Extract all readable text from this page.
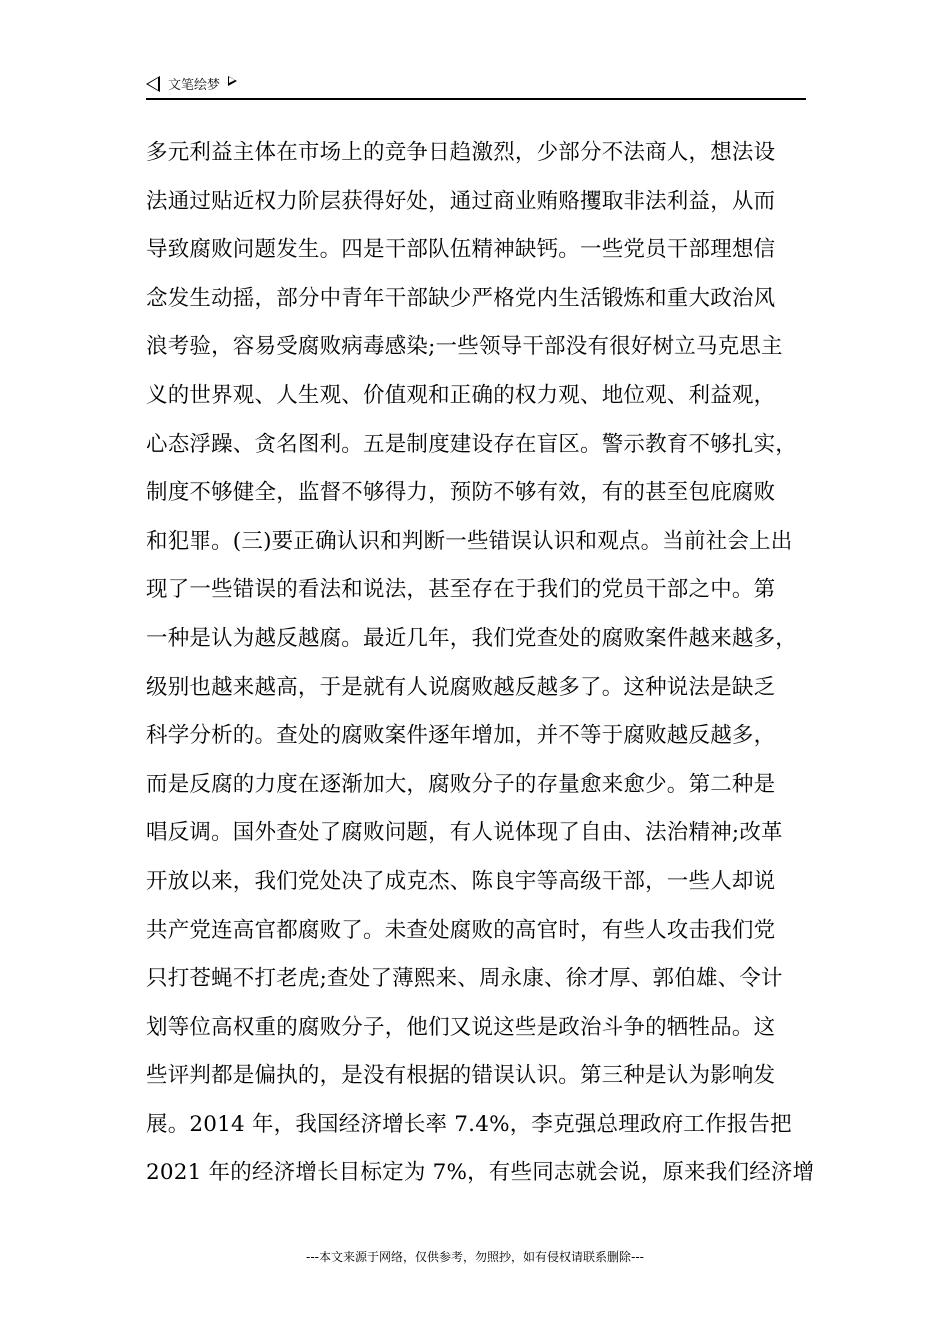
文笔绘梦
多元利益主体在市场上的竞争日趋激烈，少部分不法商人，想法设
法通过贴近权力阶层获得好处，通过商业贿赂攫取非法利益，从而
导致腐败问题发生。四是干部队伍精神缺钙。一些党员干部理想信
念发生动摇，部分中青年干部缺少严格党内生活锻炼和重大政治风
浪考验，容易受腐败病毒感染;一些领导干部没有很好树立马克思主
义的世界观、人生观、价值观和正确的权力观、地位观、利益观，
心态浮躁、贪名图利。五是制度建设存在盲区。警示教育不够扎实，
制度不够健全，监督不够得力，预防不够有效，有的甚至包庇腐败
和犯罪。(三)要正确认识和判断一些错误认识和观点。当前社会上出
现了一些错误的看法和说法，甚至存在于我们的党员干部之中。第
一种是认为越反越腐。最近几年，我们党查处的腐败案件越来越多，
级别也越来越高，于是就有人说腐败越反越多了。这种说法是缺乏
科学分析的。查处的腐败案件逐年增加，并不等于腐败越反越多，
而是反腐的力度在逐渐加大，腐败分子的存量愈来愈少。第二种是
唱反调。国外查处了腐败问题，有人说体现了自由、法治精神;改革
开放以来，我们党处决了成克杰、陈良宇等高级干部，一些人却说
共产党连高官都腐败了。未查处腐败的高官时，有些人攻击我们党
只打苍蝇不打老虎;查处了薄熙来、周永康、徐才厚、郭伯雄、令计
划等位高权重的腐败分子，他们又说这些是政治斗争的牺牲品。这
些评判都是偏执的，是没有根据的错误认识。第三种是认为影响发
展。2014 年，我国经济增长率 7.4%，李克强总理政府工作报告把
2021 年的经济增长目标定为 7%，有些同志就会说，原来我们经济增
---本文来源于网络，仅供参考，勿照抄，如有侵权请联系删除---
